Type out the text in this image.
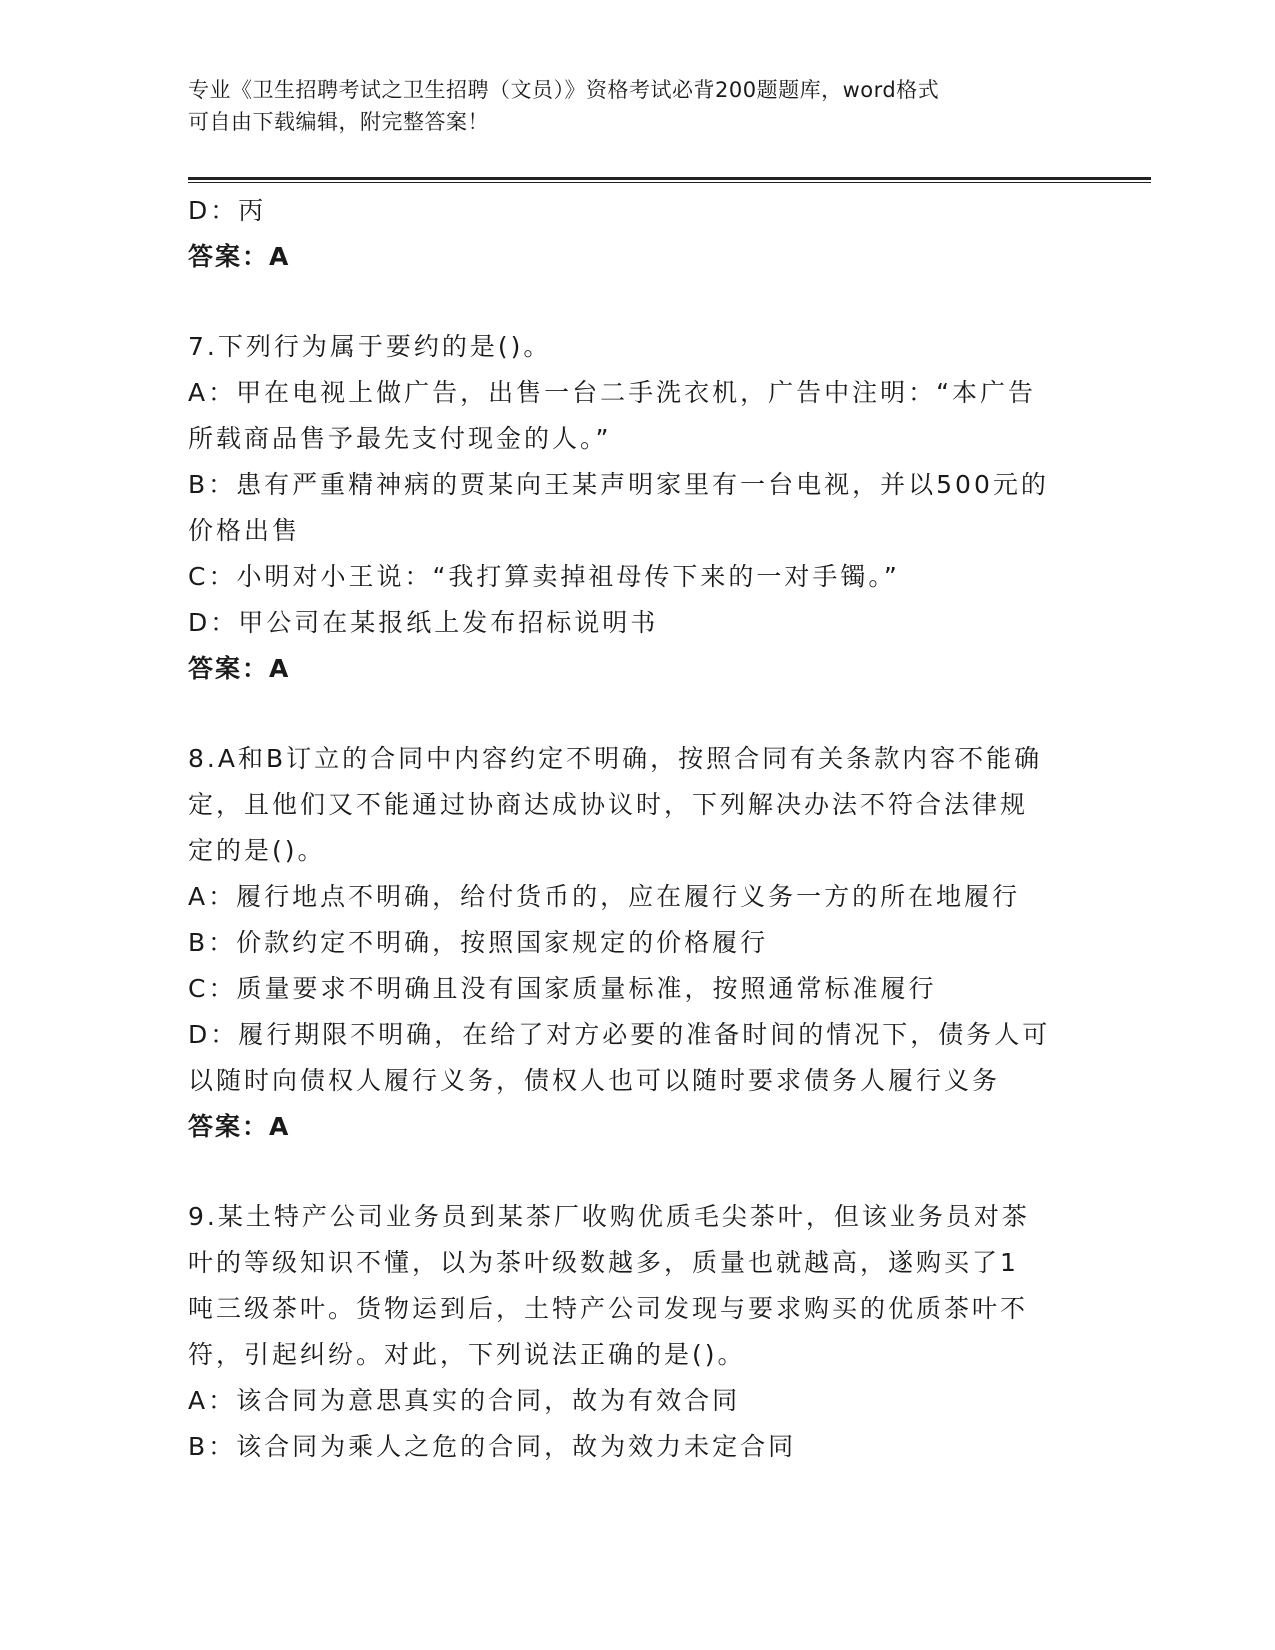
专业《卫生招聘考试之卫生招聘（文员）》资格考试必背200题题库，word格式
可自由下载编辑，附完整答案！
D：丙
答案：A
7.下列行为属于要约的是()。
A：甲在电视上做广告，出售一台二手洗衣机，广告中注明：“本广告
所载商品售予最先支付现金的人。”
B：患有严重精神病的贾某向王某声明家里有一台电视，并以500元的
价格出售
C：小明对小王说：“我打算卖掉祖母传下来的一对手镯。”
D：甲公司在某报纸上发布招标说明书
答案：A
8.A和B订立的合同中内容约定不明确，按照合同有关条款内容不能确
定，且他们又不能通过协商达成协议时，下列解决办法不符合法律规
定的是()。
A：履行地点不明确，给付货币的，应在履行义务一方的所在地履行
B：价款约定不明确，按照国家规定的价格履行
C：质量要求不明确且没有国家质量标准，按照通常标准履行
D：履行期限不明确，在给了对方必要的准备时间的情况下，债务人可
以随时向债权人履行义务，债权人也可以随时要求债务人履行义务
答案：A
9.某土特产公司业务员到某茶厂收购优质毛尖茶叶，但该业务员对茶
叶的等级知识不懂，以为茶叶级数越多，质量也就越高，遂购买了1
吨三级茶叶。货物运到后，土特产公司发现与要求购买的优质茶叶不
符，引起纠纷。对此，下列说法正确的是()。
A：该合同为意思真实的合同，故为有效合同
B：该合同为乘人之危的合同，故为效力未定合同
